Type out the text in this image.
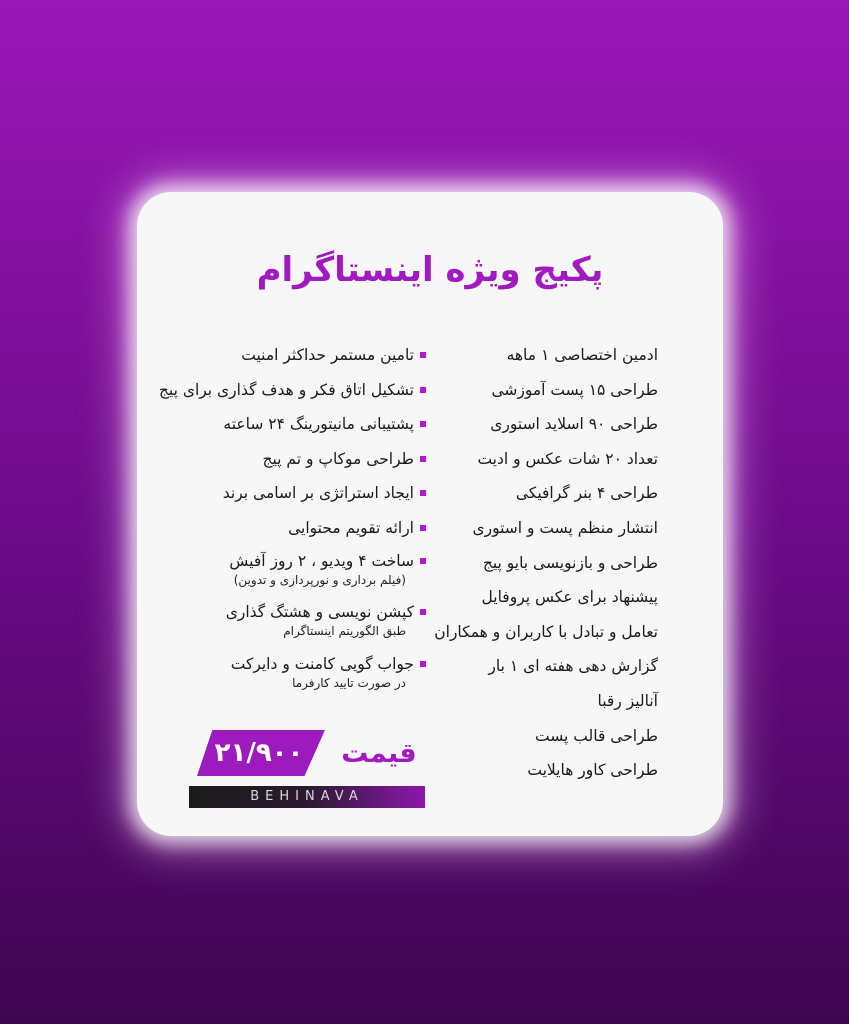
پکیج ویژه اینستاگرام
ادمین اختصاصی ۱ ماهه
طراحی ۱۵ پست آموزشی
طراحی ۹۰ اسلاید استوری
تعداد ۲۰ شات عکس و ادیت
طراحی ۴ بنر گرافیکی
انتشار منظم پست و استوری
طراحی و بازنویسی بایو پیج
پیشنهاد برای عکس پروفایل
تعامل و تبادل با کاربران و همکاران
گزارش دهی هفته ای ۱ بار
آنالیز رقبا
طراحی قالب پست
طراحی کاور هایلایت
تامین مستمر حداکثر امنیت
تشکیل اتاق فکر و هدف گذاری برای پیج
پشتیبانی مانیتورینگ ۲۴ ساعته
طراحی موکاپ و تم پیج
ایجاد استراتژی بر اسامی برند
ارائه تقویم محتوایی
ساخت ۴ ویدیو ، ۲ روز آفیش
(فیلم برداری و نورپردازی و تدوین)
کپشن نویسی و هشتگ گذاری
طبق الگوریتم اینستاگرام
جواب گویی کامنت و دایرکت
در صورت تایید کارفرما
۲۱/۹۰۰	قیمت
BEHINAVA
